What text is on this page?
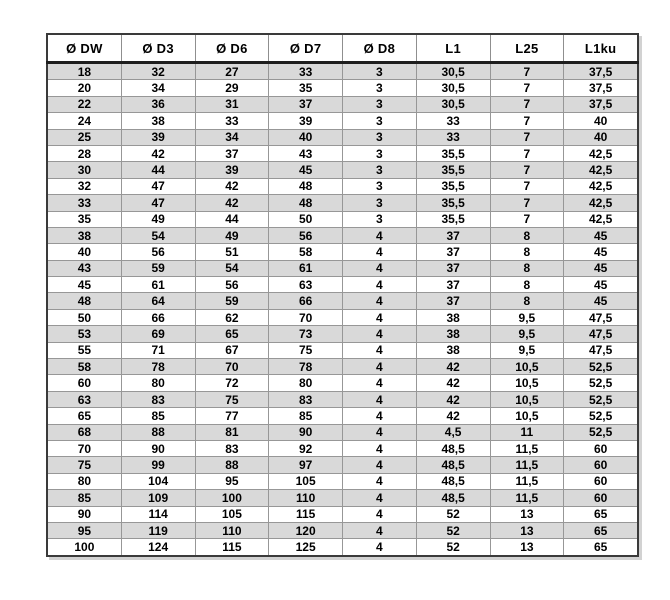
Ø DW	Ø D3	Ø D6	Ø D7	Ø D8	L1	L25	L1ku
18	32	27	33	3	30,5	7	37,5
20	34	29	35	3	30,5	7	37,5
22	36	31	37	3	30,5	7	37,5
24	38	33	39	3	33	7	40
25	39	34	40	3	33	7	40
28	42	37	43	3	35,5	7	42,5
30	44	39	45	3	35,5	7	42,5
32	47	42	48	3	35,5	7	42,5
33	47	42	48	3	35,5	7	42,5
35	49	44	50	3	35,5	7	42,5
38	54	49	56	4	37	8	45
40	56	51	58	4	37	8	45
43	59	54	61	4	37	8	45
45	61	56	63	4	37	8	45
48	64	59	66	4	37	8	45
50	66	62	70	4	38	9,5	47,5
53	69	65	73	4	38	9,5	47,5
55	71	67	75	4	38	9,5	47,5
58	78	70	78	4	42	10,5	52,5
60	80	72	80	4	42	10,5	52,5
63	83	75	83	4	42	10,5	52,5
65	85	77	85	4	42	10,5	52,5
68	88	81	90	4	4,5	11	52,5
70	90	83	92	4	48,5	11,5	60
75	99	88	97	4	48,5	11,5	60
80	104	95	105	4	48,5	11,5	60
85	109	100	110	4	48,5	11,5	60
90	114	105	115	4	52	13	65
95	119	110	120	4	52	13	65
100	124	115	125	4	52	13	65
